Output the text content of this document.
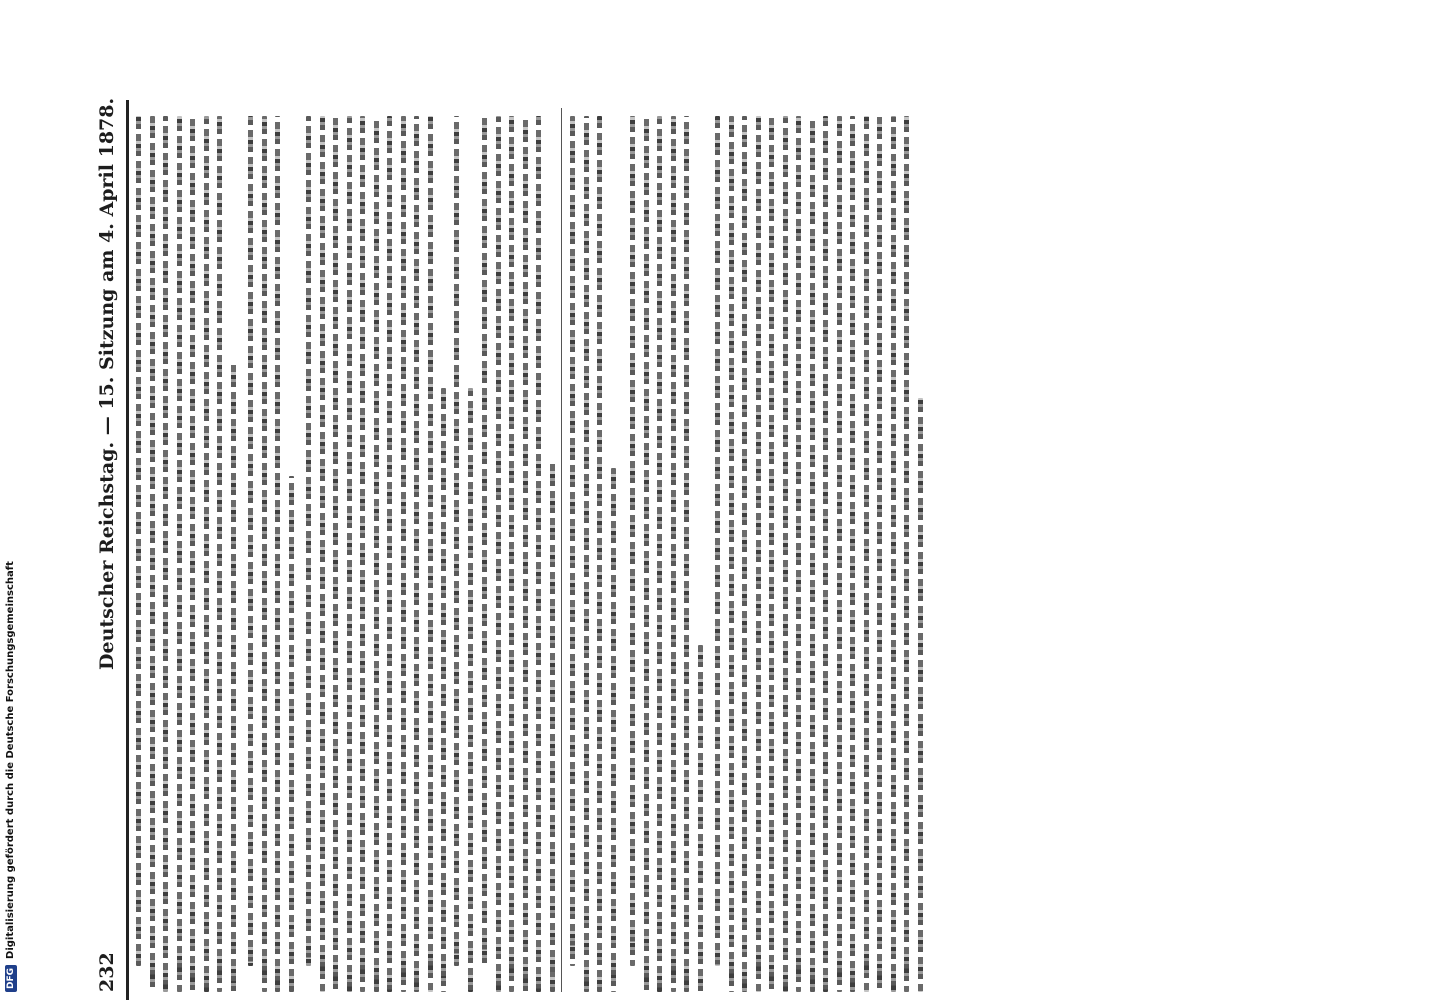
232
Deutscher Reichstag. — 15. Sitzung am 4. April 1878.
DFGDigitalisierung gefördert durch die Deutsche Forschungsgemeinschaft
